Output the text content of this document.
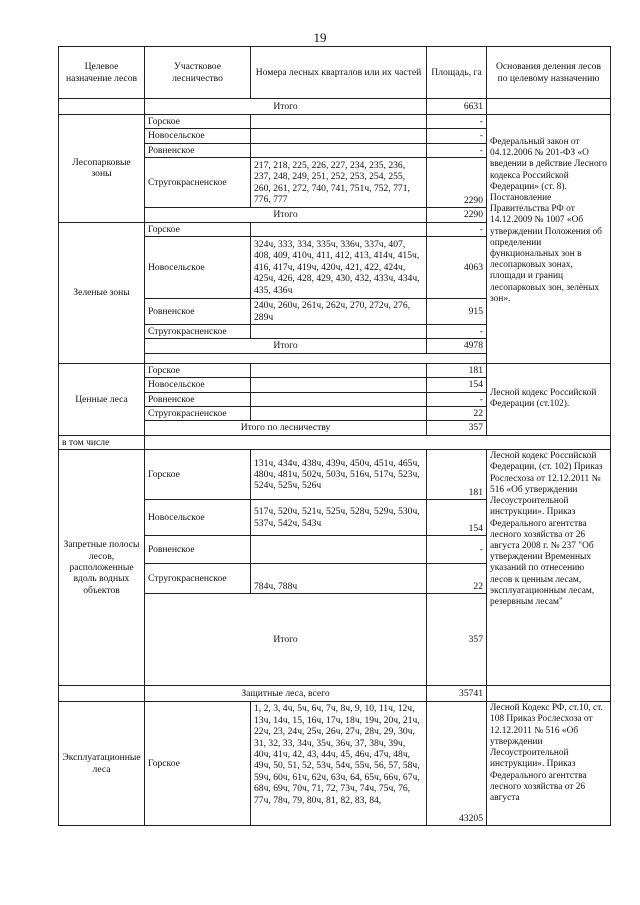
19
Целевое назначение лесов	Участковое лесничество	Номера лесных кварталов или их частей	Площадь, га	Основания деления лесов по целевому назначению
	Итого		6631	
Лесопарковые зоны	Горское		-	Федеральный закон от 04.12.2006 № 201-ФЗ «О введении в действие Лесного кодекса Российской Федерации» (ст. 8). Постановление Правительства РФ от 14.12.2009 № 1007 «Об утверждении Положения об определении функциональных зон в лесопарковых зонах, площади и границ лесопарковых зон, зелёных зон».
	Новосельское		-	
	Ровненское		-	
	Стругокрасненское	217, 218, 225, 226, 227, 234, 235, 236, 237, 248, 249, 251, 252, 253, 254, 255, 260, 261, 272, 740, 741, 751ч, 752, 771, 776, 777	2290	
	Итого		2290	
Зеленые зоны	Горское		-	
	Новосельское	324ч, 333, 334, 335ч, 336ч, 337ч, 407, 408, 409, 410ч, 411, 412, 413, 414ч, 415ч, 416, 417ч, 419ч, 420ч, 421, 422, 424ч, 425ч, 426, 428, 429, 430, 432, 433ч, 434ч, 435, 436ч	4063	
	Ровненское	240ч, 260ч, 261ч, 262ч, 270, 272ч, 276, 289ч	915	
	Стругокрасненское		-	
	Итого		4978	

Ценные леса	Горское		181	Лесной кодекс Российской Федерации (ст.102).
	Новосельское		154	
	Ровненское		-	
	Стругокрасненское		22	
	Итого по лесничеству		357	
в том числе				
Запретные полосы лесов, расположенные вдоль водных объектов	Горское	131ч, 434ч, 438ч, 439ч, 450ч, 451ч, 465ч, 480ч, 481ч, 502ч, 503ч, 516ч, 517ч, 523ч, 524ч, 525ч, 526ч	181	Лесной кодекс Российской Федерации, (ст. 102) Приказ Рослесхоза от 12.12.2011 № 516 «Об утверждении Лесоустроительной инструкции». Приказ Федерального агентства лесного хозяйства от 26 августа 2008 г. № 237 "Об утверждении Временных указаний по отнесению лесов к ценным лесам, эксплуатационным лесам, резервным лесам"
	Новосельское	517ч, 520ч, 521ч, 525ч, 528ч, 529ч, 530ч, 537ч, 542ч, 543ч	154	
	Ровненское		-	
	Стругокрасненское	784ч, 788ч	22	
	Итого		357	
	Защитные леса, всего		35741	
Эксплуатационные леса	Горское	1, 2, 3, 4ч, 5ч, 6ч, 7ч, 8ч, 9, 10, 11ч, 12ч, 13ч, 14ч, 15, 16ч, 17ч, 18ч, 19ч, 20ч, 21ч, 22ч, 23, 24ч, 25ч, 26ч, 27ч, 28ч, 29, 30ч, 31, 32, 33, 34ч, 35ч, 36ч, 37, 38ч, 39ч, 40ч, 41ч, 42, 43, 44ч, 45, 46ч, 47ч, 48ч, 49ч, 50, 51, 52, 53ч, 54ч, 55ч, 56, 57, 58ч, 59ч, 60ч, 61ч, 62ч, 63ч, 64, 65ч, 66ч, 67ч, 68ч, 69ч, 70ч, 71, 72, 73ч, 74ч, 75ч, 76, 77ч, 78ч, 79, 80ч, 81, 82, 83, 84,	43205	Лесной Кодекс РФ, ст.10, ст. 108 Приказ Рослесхоза от 12.12.2011 № 516 «Об утверждении Лесоустроительной инструкции». Приказ Федерального агентства лесного хозяйства от 26 августа
